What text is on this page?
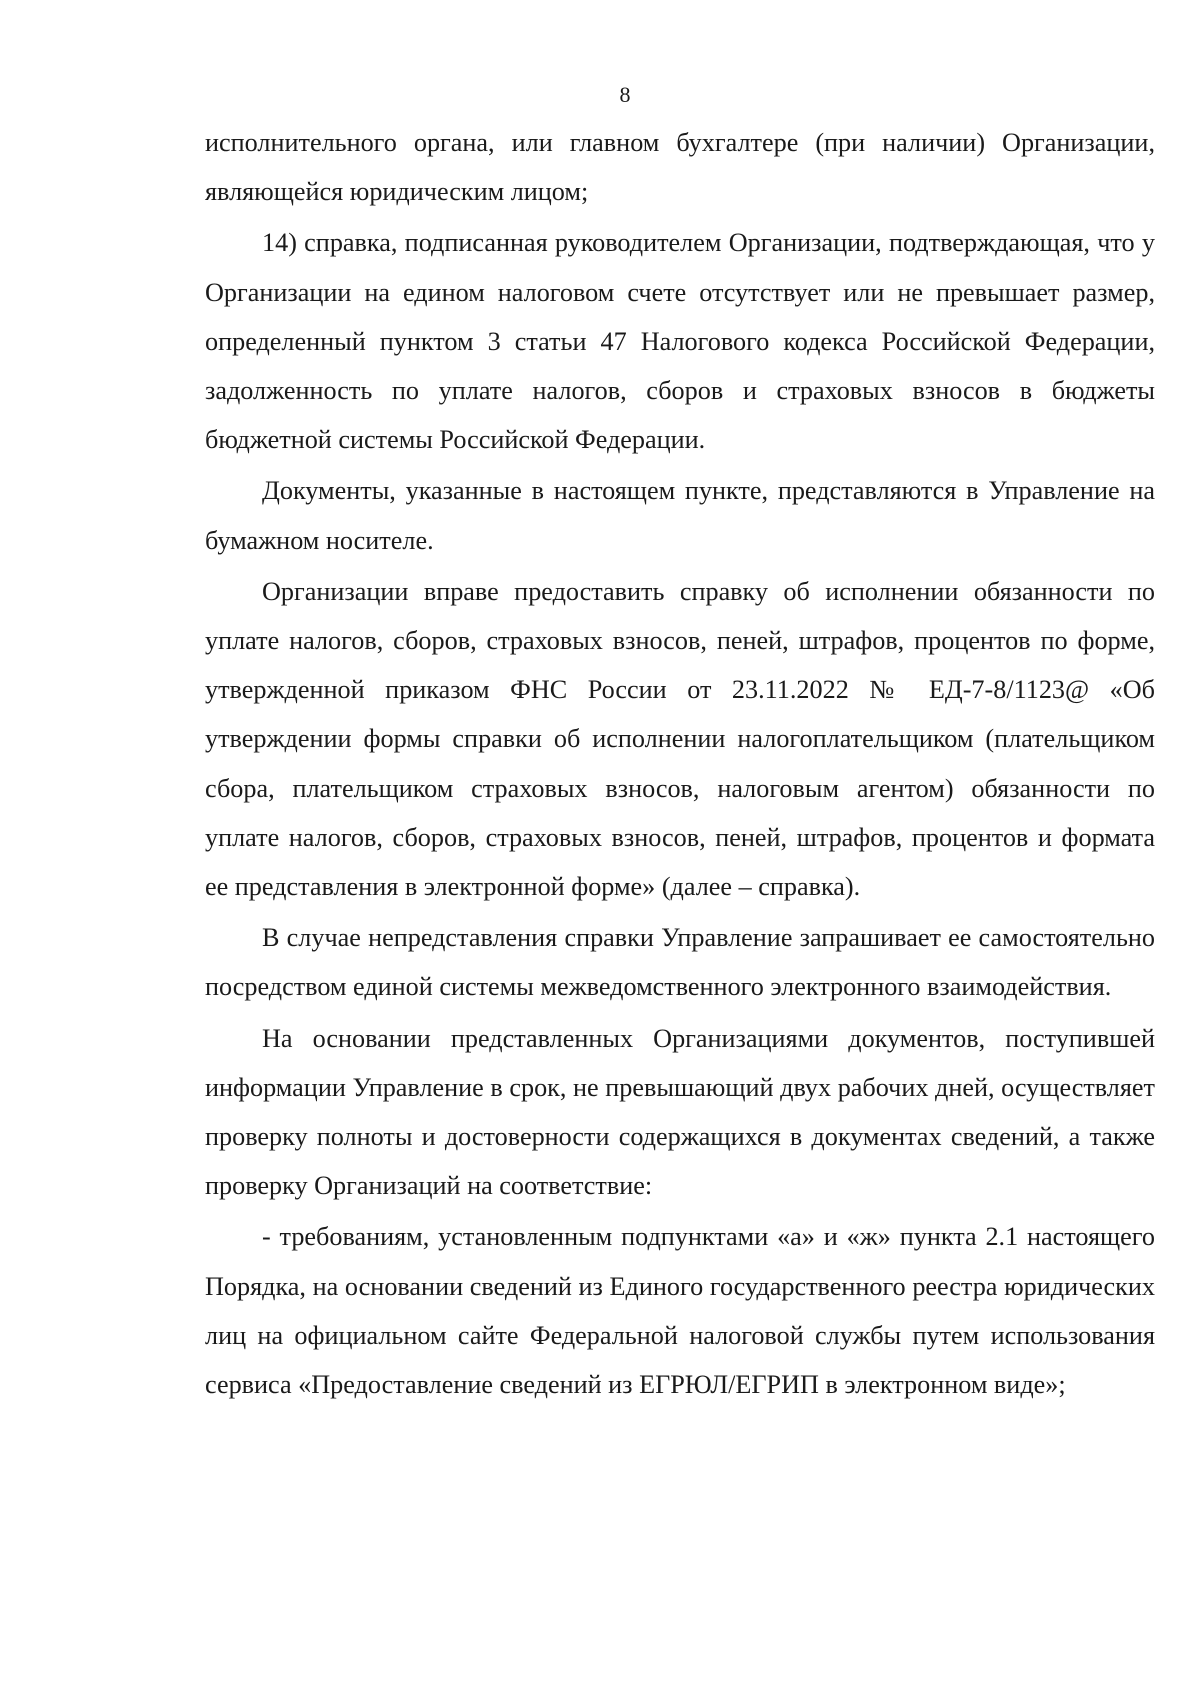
8

исполнительного органа, или главном бухгалтере (при наличии) Организации, являющейся юридическим лицом;

14) справка, подписанная руководителем Организации, подтверждающая, что у Организации на едином налоговом счете отсутствует или не превышает размер, определенный пунктом 3 статьи 47 Налогового кодекса Российской Федерации, задолженность по уплате налогов, сборов и страховых взносов в бюджеты бюджетной системы Российской Федерации.

Документы, указанные в настоящем пункте, представляются в Управление на бумажном носителе.

Организации вправе предоставить справку об исполнении обязанности по уплате налогов, сборов, страховых взносов, пеней, штрафов, процентов по форме, утвержденной приказом ФНС России от 23.11.2022 № ЕД-7-8/1123@ «Об утверждении формы справки об исполнении налогоплательщиком (плательщиком сбора, плательщиком страховых взносов, налоговым агентом) обязанности по уплате налогов, сборов, страховых взносов, пеней, штрафов, процентов и формата ее представления в электронной форме» (далее – справка).

В случае непредставления справки Управление запрашивает ее самостоятельно посредством единой системы межведомственного электронного взаимодействия.

На основании представленных Организациями документов, поступившей информации Управление в срок, не превышающий двух рабочих дней, осуществляет проверку полноты и достоверности содержащихся в документах сведений, а также проверку Организаций на соответствие:

- требованиям, установленным подпунктами «а» и «ж» пункта 2.1 настоящего Порядка, на основании сведений из Единого государственного реестра юридических лиц на официальном сайте Федеральной налоговой службы путем использования сервиса «Предоставление сведений из ЕГРЮЛ/ЕГРИП в электронном виде»;
